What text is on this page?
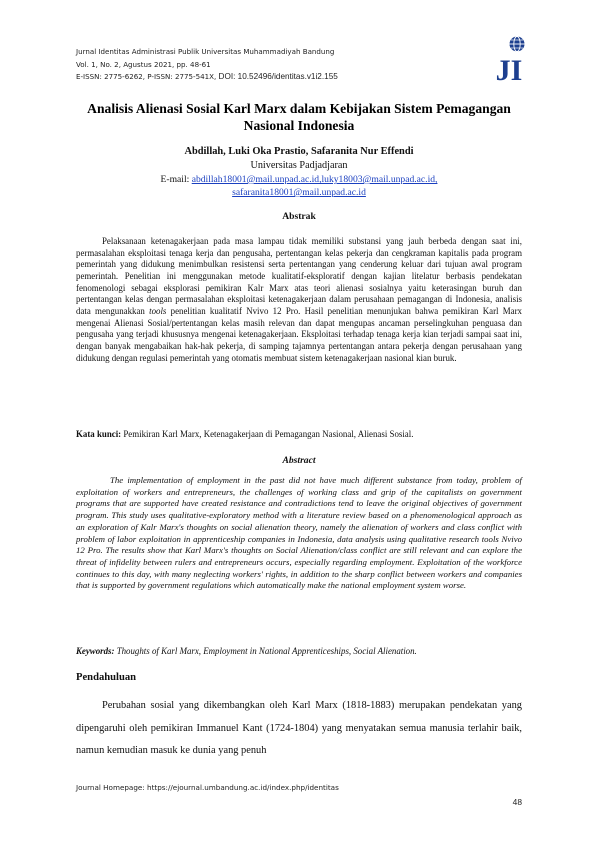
Jurnal Identitas Administrasi Publik Universitas Muhammadiyah Bandung
Vol. 1, No. 2, Agustus 2021, pp. 48-61
E-ISSN: 2775-6262, P-ISSN: 2775-541X, DOI: 10.52496/identitas.v1i2.155	JI
Analisis Alienasi Sosial Karl Marx dalam Kebijakan Sistem Pemagangan Nasional Indonesia
Abdillah, Luki Oka Prastio, Safaranita Nur Effendi
Universitas Padjadjaran
E-mail: abdillah18001@mail.unpad.ac.id,luky18003@mail.unpad.ac.id,
safaranita18001@mail.unpad.ac.id
Abstrak
Pelaksanaan ketenagakerjaan pada masa lampau tidak memiliki substansi yang jauh berbeda dengan saat ini, permasalahan eksploitasi tenaga kerja dan pengusaha, pertentangan kelas pekerja dan cengkraman kapitalis pada program pemerintah yang didukung menimbulkan resistensi serta pertentangan yang cenderung keluar dari tujuan awal program pemerintah. Penelitian ini menggunakan metode kualitatif-eksploratif dengan kajian litelatur berbasis pendekatan fenomenologi sebagai eksplorasi pemikiran Kalr Marx atas teori alienasi sosialnya yaitu keterasingan buruh dan pertentangan kelas dengan permasalahan eksploitasi ketenagakerjaan dalam perusahaan pemagangan di Indonesia, analisis data mengunakkan tools penelitian kualitatif Nvivo 12 Pro. Hasil penelitian menunjukan bahwa pemikiran Karl Marx mengenai Alienasi Sosial/pertentangan kelas masih relevan dan dapat mengupas ancaman perselingkuhan penguasa dan pengusaha yang terjadi khususnya mengenai ketenagakerjaan. Eksploitasi terhadap tenaga kerja kian terjadi sampai saat ini, dengan banyak mengabaikan hak-hak pekerja, di samping tajamnya pertentangan antara pekerja dengan perusahaan yang didukung dengan regulasi pemerintah yang otomatis membuat sistem ketenagakerjaan nasional kian buruk.
Kata kunci: Pemikiran Karl Marx, Ketenagakerjaan di Pemagangan Nasional, Alienasi Sosial.
Abstract
The implementation of employment in the past did not have much different substance from today, problem of exploitation of workers and entrepreneurs, the challenges of working class and grip of the capitalists on government programs that are supported have created resistance and contradictions tend to leave the original objectives of government program. This study uses qualitative-exploratory method with a literature review based on a phenomenological approach as an exploration of Kalr Marx's thoughts on social alienation theory, namely the alienation of workers and class conflict with problem of labor exploitation in apprenticeship companies in Indonesia, data analysis using qualitative research tools Nvivo 12 Pro. The results show that Karl Marx's thoughts on Social Alienation/class conflict are still relevant and can explore the threat of infidelity between rulers and entrepreneurs occurs, especially regarding employment. Exploitation of the workforce continues to this day, with many neglecting workers' rights, in addition to the sharp conflict between workers and companies that is supported by government regulations which automatically make the national employment system worse.
Keywords: Thoughts of Karl Marx, Employment in National Apprenticeships, Social Alienation.
Pendahuluan
Perubahan sosial yang dikembangkan oleh Karl Marx (1818-1883) merupakan pendekatan yang dipengaruhi oleh pemikiran Immanuel Kant (1724-1804) yang menyatakan semua manusia terlahir baik, namun kemudian masuk ke dunia yang penuh
Journal Homepage: https://ejournal.umbandung.ac.id/index.php/identitas
48
